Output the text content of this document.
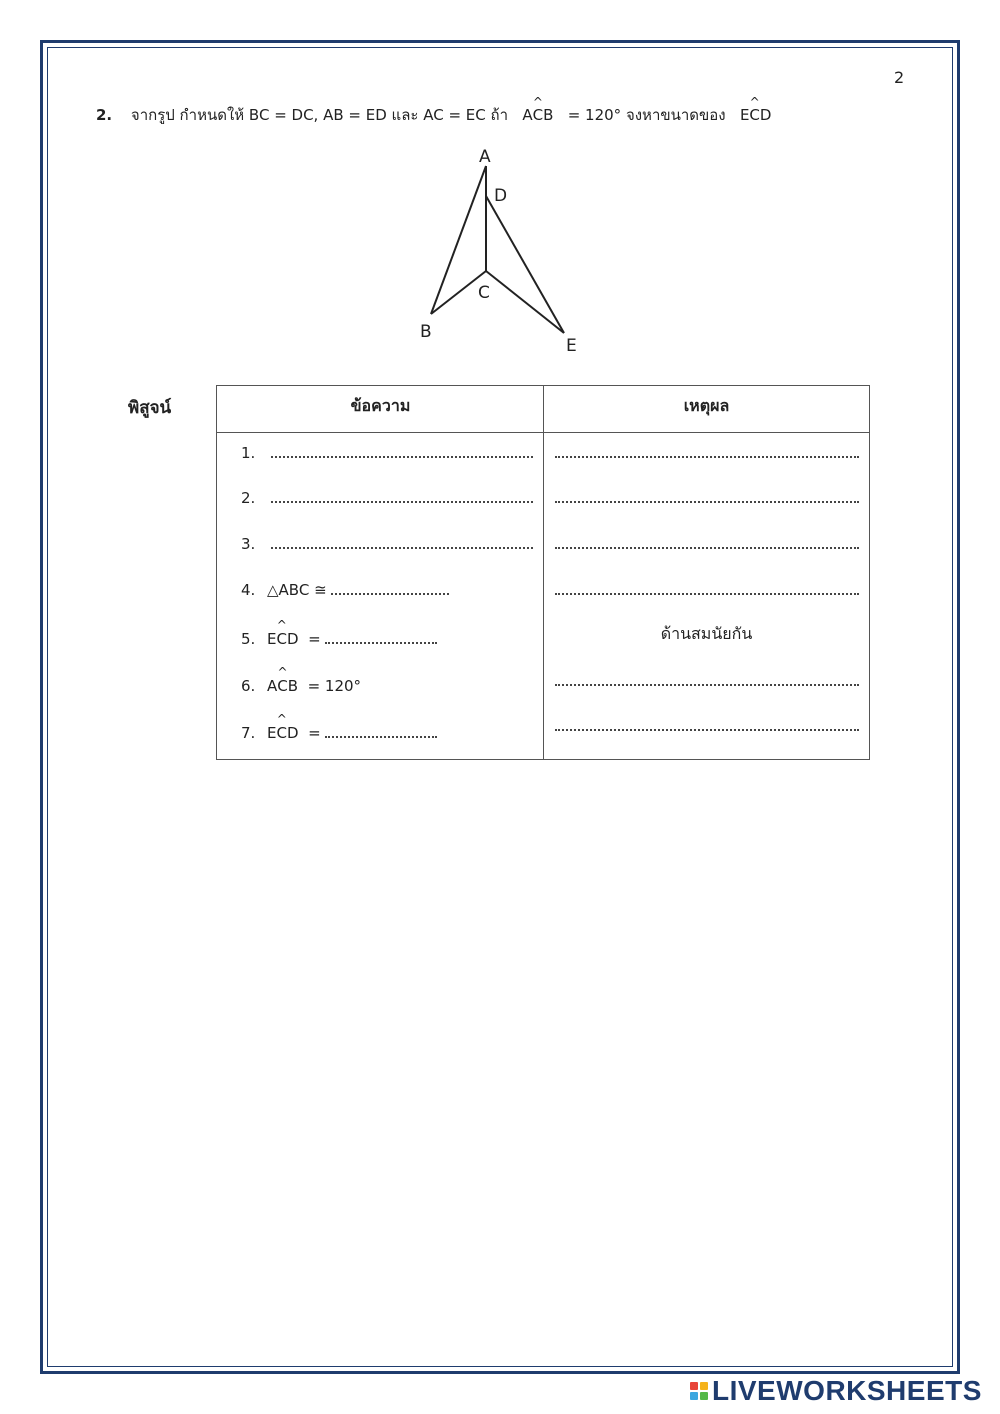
2
2. จากรูป กำหนดให้ BC = DC, AB = ED และ AC = EC ถ้า A^ CB = 120° จงหาขนาดของ E^ CD
A
D
C
B
E
พิสูจน์	ข้อความ	เหตุผล
1.
2.
3.
4. △ABC ≅
5. E^ CD =
6. A^ CB = 120°
7. E^ CD =
ด้านสมนัยกัน
LIVEWORKSHEETS
